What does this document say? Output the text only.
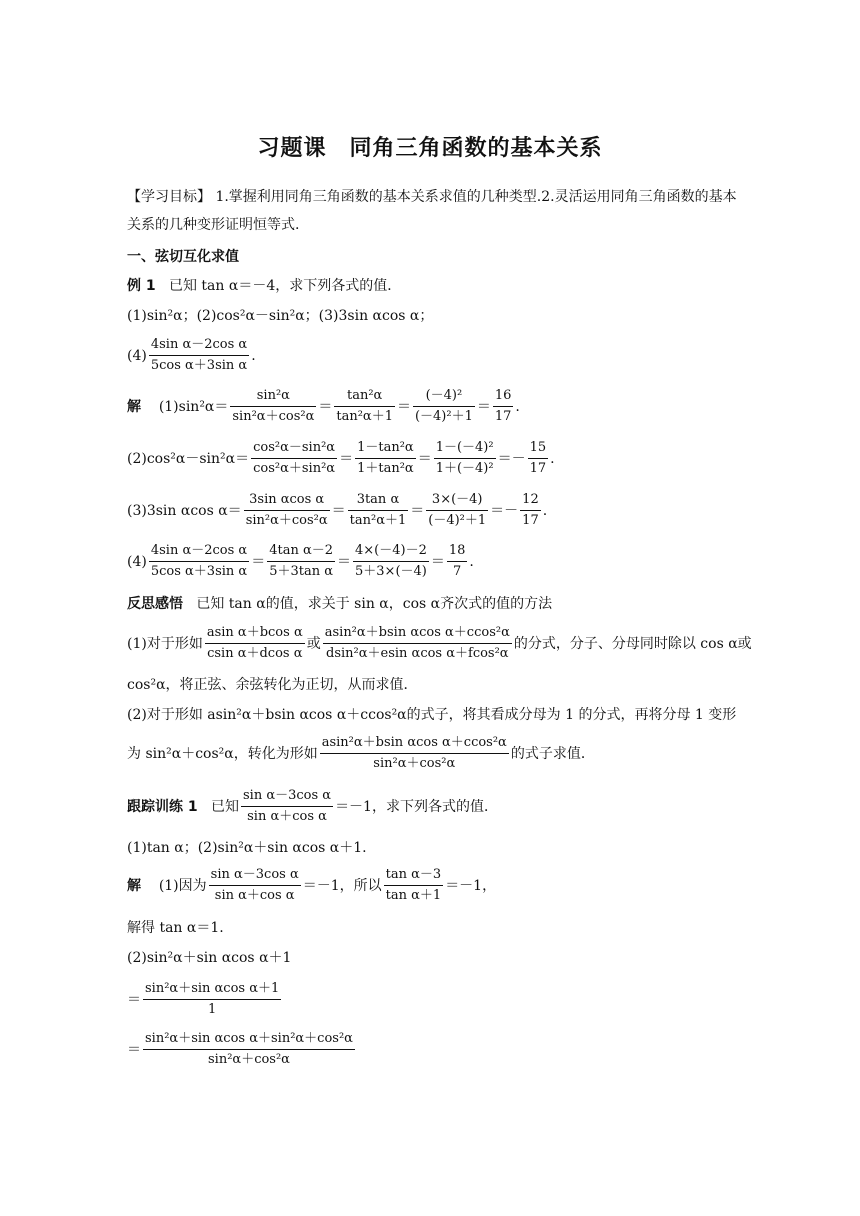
习题课　同角三角函数的基本关系
【学习目标】 1.掌握利用同角三角函数的基本关系求值的几种类型.2.灵活运用同角三角函数的基本关系的几种变形证明恒等式.
一、弦切互化求值
例 1 已知 tan α＝－4，求下列各式的值．
(1)sin²α；(2)cos²α－sin²α；(3)3sin αcos α；
$(4) \frac{\text{4sin α－2cos α}}{\text{5cos α＋3sin α}}$ .
解 $(1)\sin^2\alpha= \frac{\text{sin²α}}{\text{sin²α＋cos²α}} = \frac{\text{tan²α}}{\text{tan²α＋1}} = \frac{\text{(－4)²}}{\text{(－4)²＋1}} = \frac{16}{17}$ .
$(2)\cos^2\alpha-\sin^2\alpha= \frac{\text{cos²α－sin²α}}{\text{cos²α＋sin²α}} = \frac{\text{1－tan²α}}{\text{1＋tan²α}} = \frac{\text{1－(－4)²}}{\text{1＋(－4)²}} =- \frac{15}{17}$ .
(3)3sin αcos $\alpha= \frac{\text{3sin αcos α}}{\text{sin²α＋cos²α}} = \frac{\text{3tan α}}{\text{tan²α＋1}} = \frac{3\times(-4)}{\text{(－4)²＋1}} =- \frac{12}{17}$ .
$(4) \frac{\text{4sin α－2cos α}}{\text{5cos α＋3sin α}} = \frac{\text{4tan α－2}}{\text{5＋3tan α}} = \frac{4\times(-4)-2}{5+3\times(-4)} = \frac{18}{7}$ .
反思感悟 已知 tan α的值，求关于 sin α，cos α齐次式的值的方法
(1)对于形如 $\frac{\text{asin α＋bcos α}}{\text{csin α＋dcos α}}$ 或 $\frac{\text{asin²α＋bsin αcos α＋ccos²α}}{\text{dsin²α＋esin αcos α＋fcos²α}}$ 的分式，分子、分母同时除以 cos α或
cos²α，将正弦、余弦转化为正切，从而求值．
(2)对于形如 asin²α＋bsin αcos α＋ccos²α的式子，将其看成分母为 1 的分式，再将分母 1 变形
为 sin²α＋cos²α，转化为形如 $\frac{\text{asin²α＋bsin αcos α＋ccos²α}}{\text{sin²α＋cos²α}}$ 的式子求值．
跟踪训练 1 已知 $\frac{\text{sin α－3cos α}}{\text{sin α＋cos α}} =-1$，求下列各式的值．
(1)tan α；(2)sin²α＋sin αcos α＋1.
解 (1)因为 $\frac{\text{sin α－3cos α}}{\text{sin α＋cos α}} =-1$，所以 $\frac{\text{tan α－3}}{\text{tan α＋1}} =-1$，
解得 tan α＝1.
(2)sin²α＋sin αcos α＋1
＝ $\frac{\text{sin²α＋sin αcos α＋1}}{1}$
＝ $\frac{\text{sin²α＋sin αcos α＋sin²α＋cos²α}}{\text{sin²α＋cos²α}}$
